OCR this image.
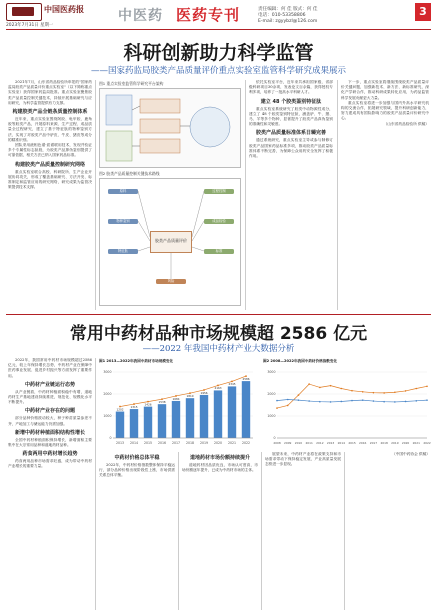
中国医药报
2023年7月31日 星期一
中医药 医药专刊	责任编辑：何 佳 版式：何 佳
电话：010-53358806
E-mail: zgyybzl@126.com
3
科研创新助力科学监管
——国家药监局胶类产品质量评价重点实验室监管科学研究成果展示

2021年7月，山东省药品检验所申报的"国家药监局胶类产品质量评价重点实验室"（以下简称重点实验室）获得国家药监局批准。重点实验室聚焦胶类产品质量控制关键技术，持续开展基础研究与应用研究，为科学监管提供有力支撑。

构建胶类产品全链条质量控制体系

近年来，重点实验室围绕阿胶、龟甲胶、鹿角胶等胶类产品，开展原料来源、生产过程、成品质量全过程研究，建立了基于特征肽的物种鉴别方法，实现了对胶类产品中驴皮、牛皮、猪皮等成分的精准识别。

团队采用液相色谱-质谱联用技术，发现并验证多个专属性标志肽段，为胶类产品掺伪鉴别提供了可靠依据，相关方法已纳入国家药品标准。

构建胶类产品质量控制研究网络

重点实验室联合高校、科研院所、生产企业开展协同攻关，形成了覆盖基础研究、方法开发、标准制定和监管应用的研究网络，研究成果为监管决策提供技术支撑。

图1 重点实验室监管科学研究平台架构
图2 胶类产品质量控制关键技术路线
胶类产品质量评价
原料
物种鉴别
特征肽
过程控制
成品检验
标准
风险

依托实验室平台，近年来共承担国家级、省部级科研项目30余项，发表论文百余篇，获得授权专利多项，培养了一批高水平科研人才。

建立 48 个胶类鉴别特征肽

重点实验室系统研究了胶类中动物源性成分，建立了 48 个胶类鉴别特征肽，涵盖驴、牛、猪、马、羊等多个物种，显著提升了胶类产品真伪鉴别的准确性和灵敏度。

胶类产品质量标准体系日臻完善

通过系统研究，重点实验室主导或参与制修订胶类产品国家药品标准多项，推动胶类产品质量标准体系不断完善，为保障公众用药安全发挥了积极作用。

下一步，重点实验室将继续围绕胶类产品质量评价关键问题，加强新技术、新方法、新标准研究，深化产学研合作，推动科研成果转化应用，为药品监管科学发展贡献更大力量。

重点实验室将进一步加强与国内外高水平研究机构的交流合作，拓展研究领域，提升科研创新能力，努力建成具有国际影响力的胶类产品质量评价研究中心。

（山东省药品检验所 供稿）

常用中药材品种市场规模超 2586 亿元
——2022 年我国中药材产业大数据分析

2022年，我国常用中药材市场规模超过2586亿元，较上年保持增长态势，中药材产业在保障中医药事业发展、促进乡村振兴等方面发挥了重要作用。

中药材产业链运行态势

从产业链看，中药材种植面积稳中有增，道地药材生产基地建设持续推进，规范化、规模化水平不断提升。

中药材产业存在的问题

部分品种价格波动较大，种子种苗质量参差不齐，产地加工与储运能力仍需加强。

新增中药材种植面积结构性增长

全国中药材种植面积保持增长，新增面积主要集中在大宗常用品种和道地药材品种。

药食两用中药材增长趋势

药食两用品种市场需求旺盛，成为带动中药材产业增长的重要力量。

图1 2013—2022年我国中药材市场规模变化
0
1000
2000
3000
1202
2013
1315
2014
1426
2015
1538
2016
1684
2017
1810
2018
1956
2019
2163
2020
2345
2021
2586
2022
图2 2008—2022年我国中药材价格指数变化
0
1000
2000
3000
2008 2009 2010 2011 2012 2013 2014 2015 2016 2017 2018 2019 2020 2021 2022
中药材价格总体平稳

2022年，中药材价格指数整体保持平稳运行，部分品种价格出现阶段性上涨，市场供需关系总体平衡。

道地药材市场份额持续提升

道地药材因品质优良，市场认可度高，市场份额逐年提升，已成为中药材市场的主体。

展望未来，中药材产业将在政策支持和市场需求带动下保持稳定发展，产业高质量发展态势进一步显现。

（中国中药协会 供稿）
